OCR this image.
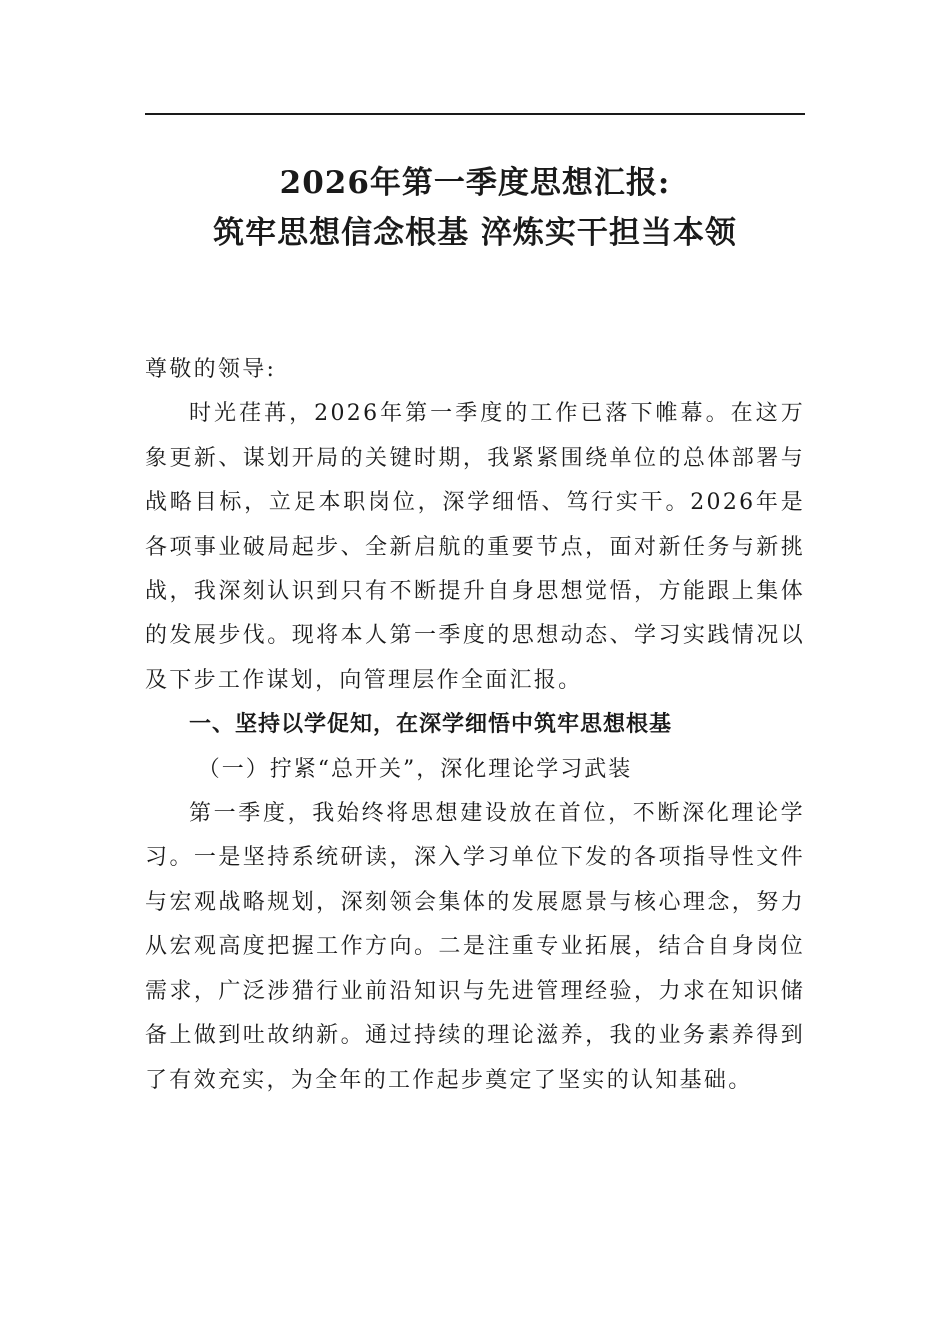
2026年第一季度思想汇报:
筑牢思想信念根基 淬炼实干担当本领

尊敬的领导:

时光荏苒，2026年第一季度的工作已落下帷幕。在这万象更新、谋划开局的关键时期，我紧紧围绕单位的总体部署与战略目标，立足本职岗位，深学细悟、笃行实干。2026年是各项事业破局起步、全新启航的重要节点，面对新任务与新挑战，我深刻认识到只有不断提升自身思想觉悟，方能跟上集体的发展步伐。现将本人第一季度的思想动态、学习实践情况以及下步工作谋划，向管理层作全面汇报。

一、坚持以学促知，在深学细悟中筑牢思想根基

（一）拧紧“总开关”，深化理论学习武装

第一季度，我始终将思想建设放在首位，不断深化理论学习。一是坚持系统研读，深入学习单位下发的各项指导性文件与宏观战略规划，深刻领会集体的发展愿景与核心理念，努力从宏观高度把握工作方向。二是注重专业拓展，结合自身岗位需求，广泛涉猎行业前沿知识与先进管理经验，力求在知识储备上做到吐故纳新。通过持续的理论滋养，我的业务素养得到了有效充实，为全年的工作起步奠定了坚实的认知基础。
